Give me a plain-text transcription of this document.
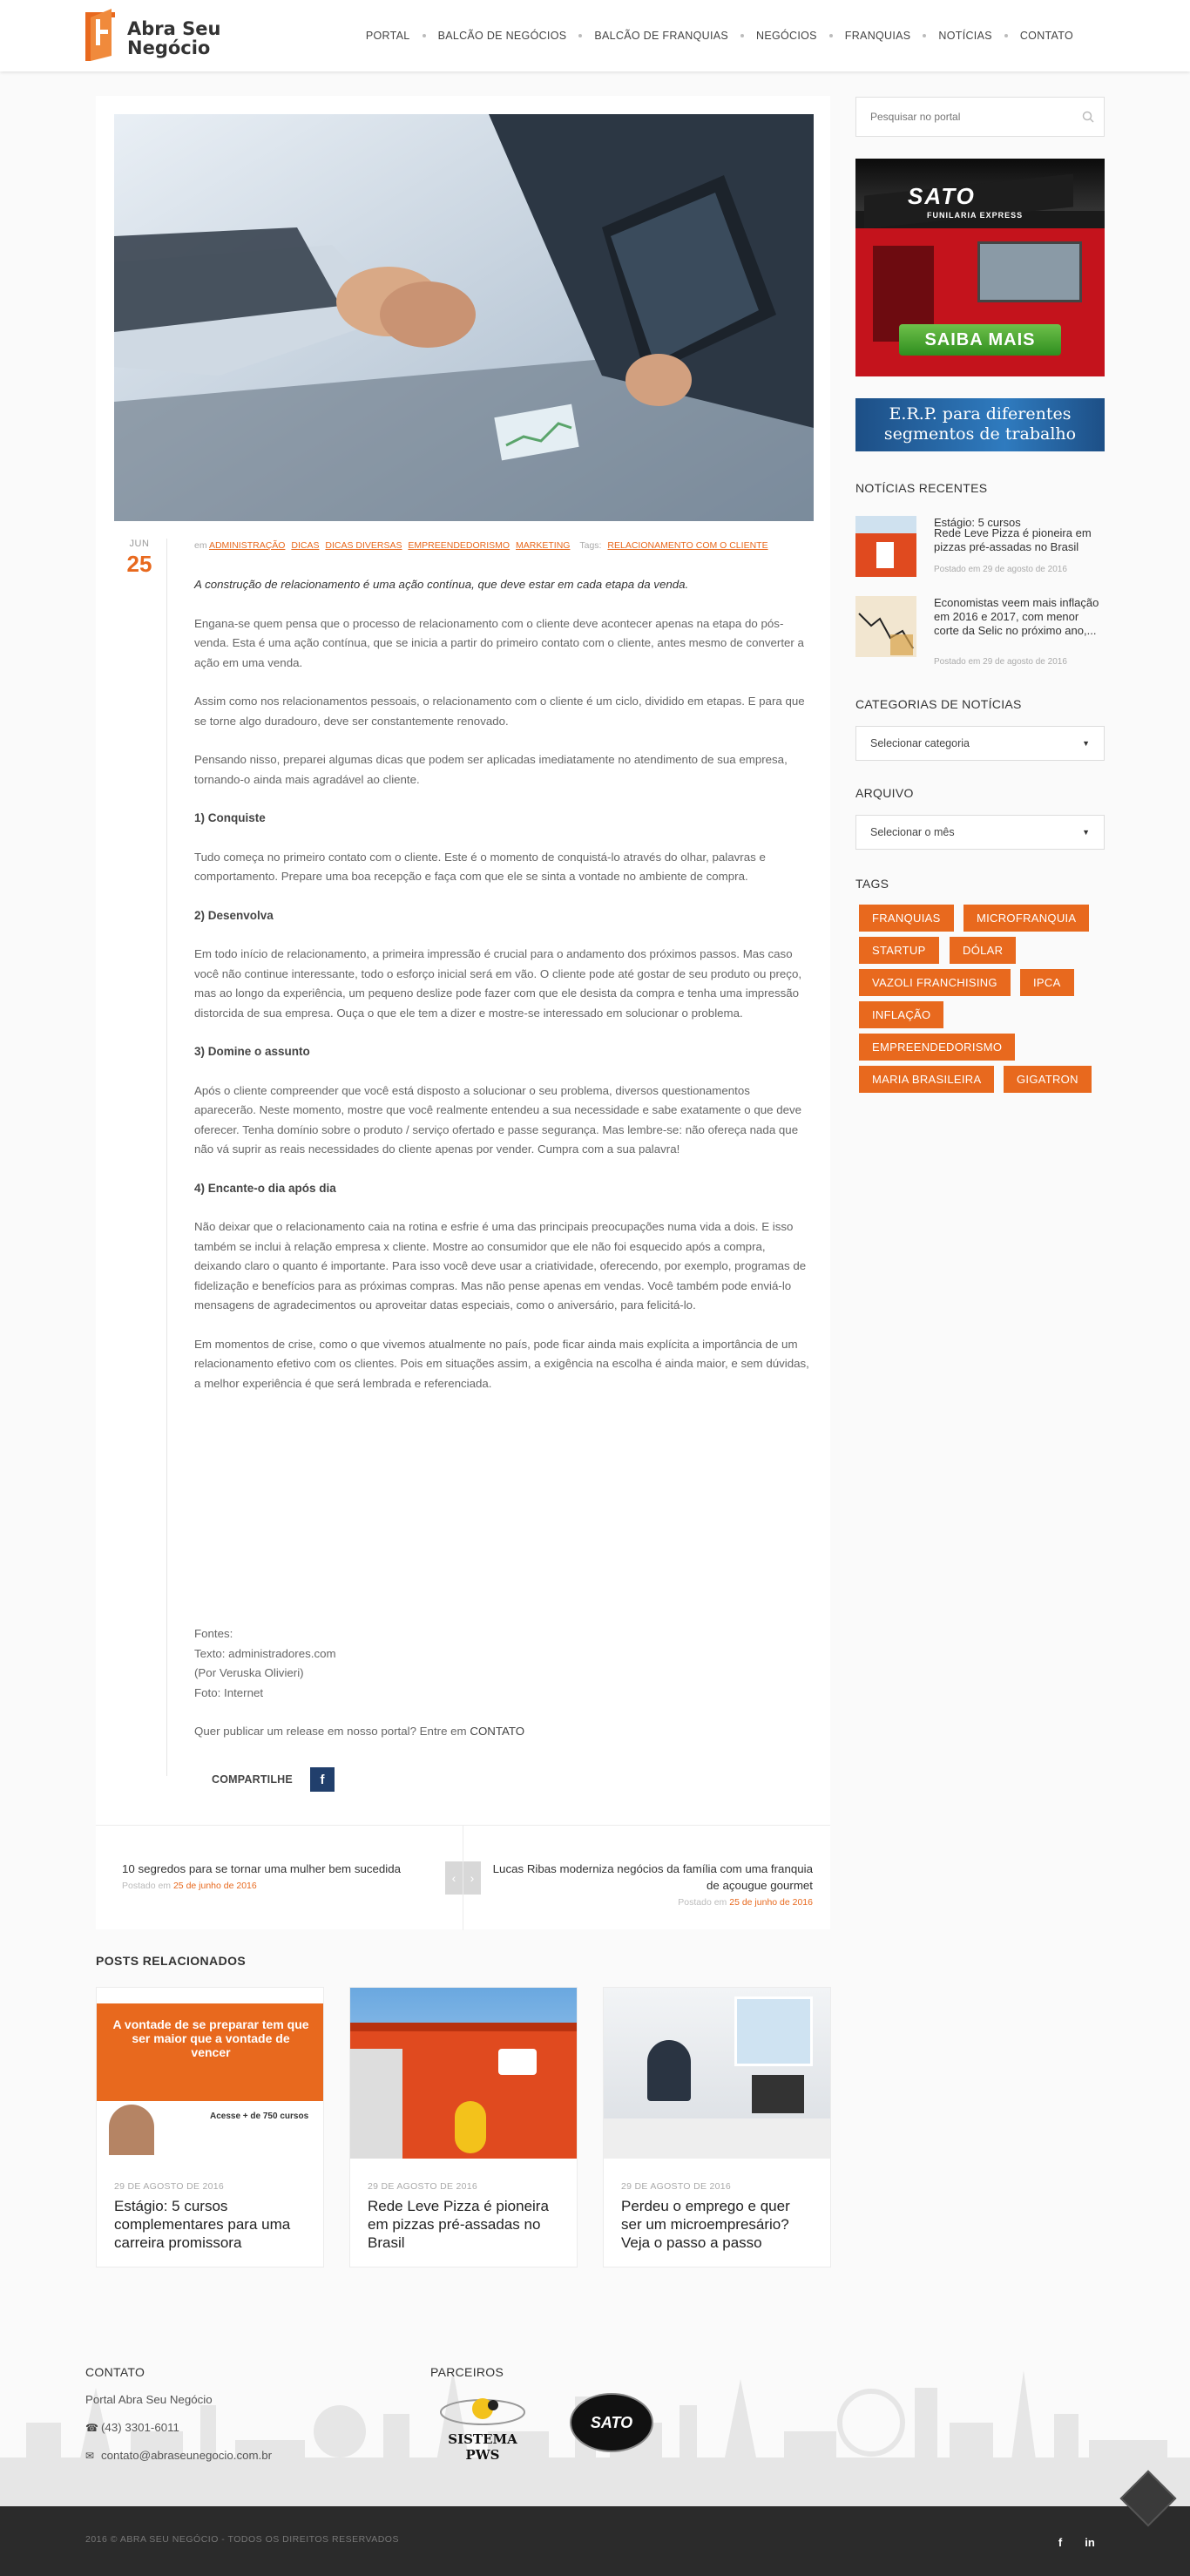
Abra Seu
Negócio
PORTAL	BALCÃO DE NEGÓCIOS	BALCÃO DE FRANQUIAS	NEGÓCIOS	FRANQUIAS	NOTÍCIAS	CONTATO
JUN
25
em ADMINISTRAÇÃO DICAS DICAS DIVERSAS EMPREENDEDORISMO MARKETING Tags: RELACIONAMENTO COM O CLIENTE

A construção de relacionamento é uma ação contínua, que deve estar em cada etapa da venda.

Engana-se quem pensa que o processo de relacionamento com o cliente deve acontecer apenas na etapa do pós-venda. Esta é uma ação contínua, que se inicia a partir do primeiro contato com o cliente, antes mesmo de converter a ação em uma venda.

Assim como nos relacionamentos pessoais, o relacionamento com o cliente é um ciclo, dividido em etapas. E para que se torne algo duradouro, deve ser constantemente renovado.

Pensando nisso, preparei algumas dicas que podem ser aplicadas imediatamente no atendimento de sua empresa, tornando-o ainda mais agradável ao cliente.

1) Conquiste

Tudo começa no primeiro contato com o cliente. Este é o momento de conquistá-lo através do olhar, palavras e comportamento. Prepare uma boa recepção e faça com que ele se sinta a vontade no ambiente de compra.

2) Desenvolva

Em todo início de relacionamento, a primeira impressão é crucial para o andamento dos próximos passos. Mas caso você não continue interessante, todo o esforço inicial será em vão. O cliente pode até gostar de seu produto ou preço, mas ao longo da experiência, um pequeno deslize pode fazer com que ele desista da compra e tenha uma impressão distorcida de sua empresa. Ouça o que ele tem a dizer e mostre-se interessado em solucionar o problema.

3) Domine o assunto

Após o cliente compreender que você está disposto a solucionar o seu problema, diversos questionamentos aparecerão. Neste momento, mostre que você realmente entendeu a sua necessidade e sabe exatamente o que deve oferecer. Tenha domínio sobre o produto / serviço ofertado e passe segurança. Mas lembre-se: não ofereça nada que não vá suprir as reais necessidades do cliente apenas por vender. Cumpra com a sua palavra!

4) Encante-o dia após dia

Não deixar que o relacionamento caia na rotina e esfrie é uma das principais preocupações numa vida a dois. E isso também se inclui à relação empresa x cliente. Mostre ao consumidor que ele não foi esquecido após a compra, deixando claro o quanto é importante. Para isso você deve usar a criatividade, oferecendo, por exemplo, programas de fidelização e benefícios para as próximas compras. Mas não pense apenas em vendas. Você também pode enviá-lo mensagens de agradecimentos ou aproveitar datas especiais, como o aniversário, para felicitá-lo.

Em momentos de crise, como o que vivemos atualmente no país, pode ficar ainda mais explícita a importância de um relacionamento efetivo com os clientes. Pois em situações assim, a exigência na escolha é ainda maior, e sem dúvidas, a melhor experiência é que será lembrada e referenciada.

Fontes:
Texto: administradores.com
(Por Veruska Olivieri)
Foto: Internet
Quer publicar um release em nosso portal? Entre em CONTATO
COMPARTILHE f
10 segredos para se tornar uma mulher bem sucedida
Postado em 25 de junho de 2016
‹	›
Lucas Ribas moderniza negócios da família com uma franquia de açougue gourmet
Postado em 25 de junho de 2016
POSTS RELACIONADOS
A vontade de se preparar tem que ser maior que a vontade de vencer
Acesse + de 750 cursos
29 DE AGOSTO DE 2016
Estágio: 5 cursos complementares para uma carreira promissora
29 DE AGOSTO DE 2016
Rede Leve Pizza é pioneira em pizzas pré-assadas no Brasil
29 DE AGOSTO DE 2016
Perdeu o emprego e quer ser um microempresário? Veja o passo a passo
Pesquisar no portal
SATO
FUNILARIA EXPRESS
SAIBA MAIS
E.R.P. para diferentes
segmentos de trabalho
NOTÍCIAS RECENTES
Estágio: 5 cursos
Rede Leve Pizza é pioneira em pizzas pré-assadas no Brasil
Postado em 29 de agosto de 2016
Economistas veem mais inflação em 2016 e 2017, com menor corte da Selic no próximo ano,...
Postado em 29 de agosto de 2016
CATEGORIAS DE NOTÍCIAS
Selecionar categoria	▼
ARQUIVO
Selecionar o mês	▼
TAGS
FRANQUIAS	MICROFRANQUIA
STARTUP	DÓLAR
VAZOLI FRANCHISING	IPCA
INFLAÇÃO
EMPREENDEDORISMO
MARIA BRASILEIRA	GIGATRON
CONTATO
Portal Abra Seu Negócio
☎ (43) 3301-6011
✉ contato@abraseunegocio.com.br
PARCEIROS
SISTEMA PWS
SATO
2016 © ABRA SEU NEGÓCIO - TODOS OS DIREITOS RESERVADOS	f	in
